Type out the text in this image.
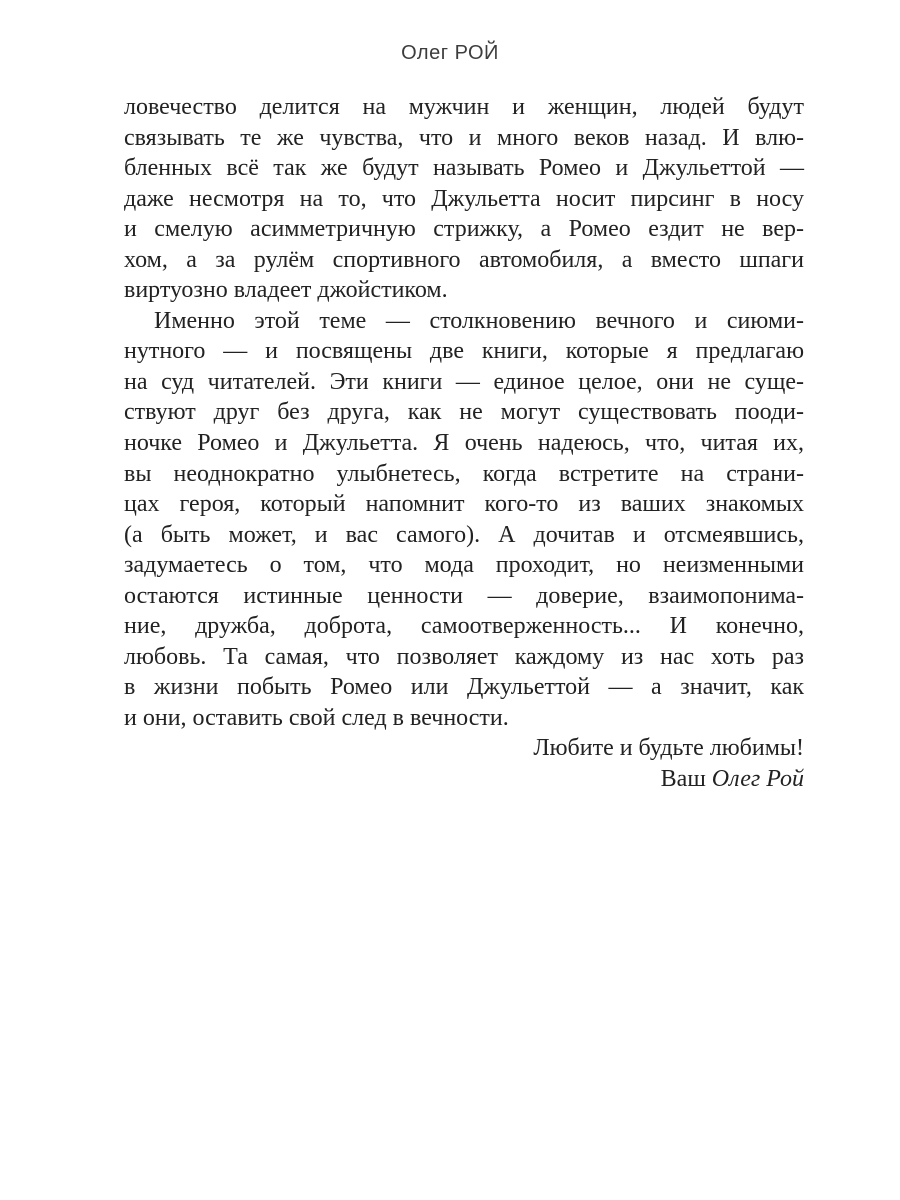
Олег РОЙ
ловечество делится на мужчин и женщин, людей будут
связывать те же чувства, что и много веков назад. И влю-
бленных всё так же будут называть Ромео и Джульеттой —
даже несмотря на то, что Джульетта носит пирсинг в носу
и смелую асимметричную стрижку, а Ромео ездит не вер-
хом, а за рулём спортивного автомобиля, а вместо шпаги
виртуозно владеет джойстиком.
Именно этой теме — столкновению вечного и сиюми-
нутного — и посвящены две книги, которые я предлагаю
на суд читателей. Эти книги — единое целое, они не суще-
ствуют друг без друга, как не могут существовать пооди-
ночке Ромео и Джульетта. Я очень надеюсь, что, читая их,
вы неоднократно улыбнетесь, когда встретите на страни-
цах героя, который напомнит кого-то из ваших знакомых
(а быть может, и вас самого). А дочитав и отсмеявшись,
задумаетесь о том, что мода проходит, но неизменными
остаются истинные ценности — доверие, взаимопонима-
ние, дружба, доброта, самоотверженность... И конечно,
любовь. Та самая, что позволяет каждому из нас хоть раз
в жизни побыть Ромео или Джульеттой — а значит, как
и они, оставить свой след в вечности.
Любите и будьте любимы!
Ваш Олег Рой
